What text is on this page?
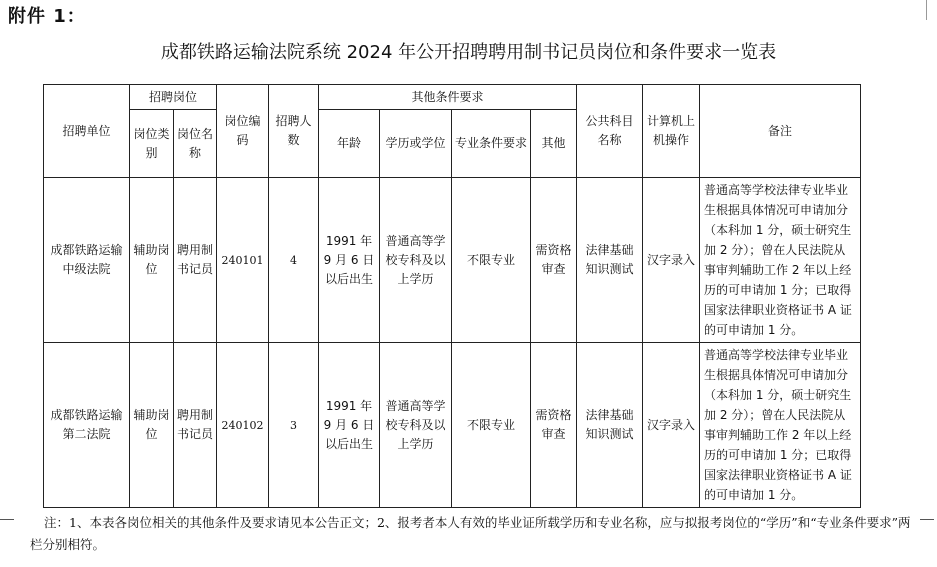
附件 1：
成都铁路运输法院系统 2024 年公开招聘聘用制书记员岗位和条件要求一览表
招聘单位	招聘岗位		岗位编码	招聘人数	其他条件要求				公共科目名称	计算机上机操作	备注
	岗位类别	岗位名称			年龄	学历或学位	专业条件要求	其他			
成都铁路运输中级法院	辅助岗位	聘用制书记员	240101	4	1991 年 9 月 6 日以后出生	普通高等学校专科及以上学历	不限专业	需资格审查	法律基础知识测试	汉字录入	普通高等学校法律专业毕业生根据具体情况可申请加分（本科加 1 分，硕士研究生加 2 分）；曾在人民法院从事审判辅助工作 2 年以上经历的可申请加 1 分；已取得国家法律职业资格证书 A 证的可申请加 1 分。
成都铁路运输第二法院	辅助岗位	聘用制书记员	240102	3	1991 年 9 月 6 日以后出生	普通高等学校专科及以上学历	不限专业	需资格审查	法律基础知识测试	汉字录入	普通高等学校法律专业毕业生根据具体情况可申请加分（本科加 1 分，硕士研究生加 2 分）；曾在人民法院从事审判辅助工作 2 年以上经历的可申请加 1 分；已取得国家法律职业资格证书 A 证的可申请加 1 分。
注：1、本表各岗位相关的其他条件及要求请见本公告正文；2、报考者本人有效的毕业证所载学历和专业名称，应与拟报考岗位的“学历”和“专业条件要求”两栏分别相符。
